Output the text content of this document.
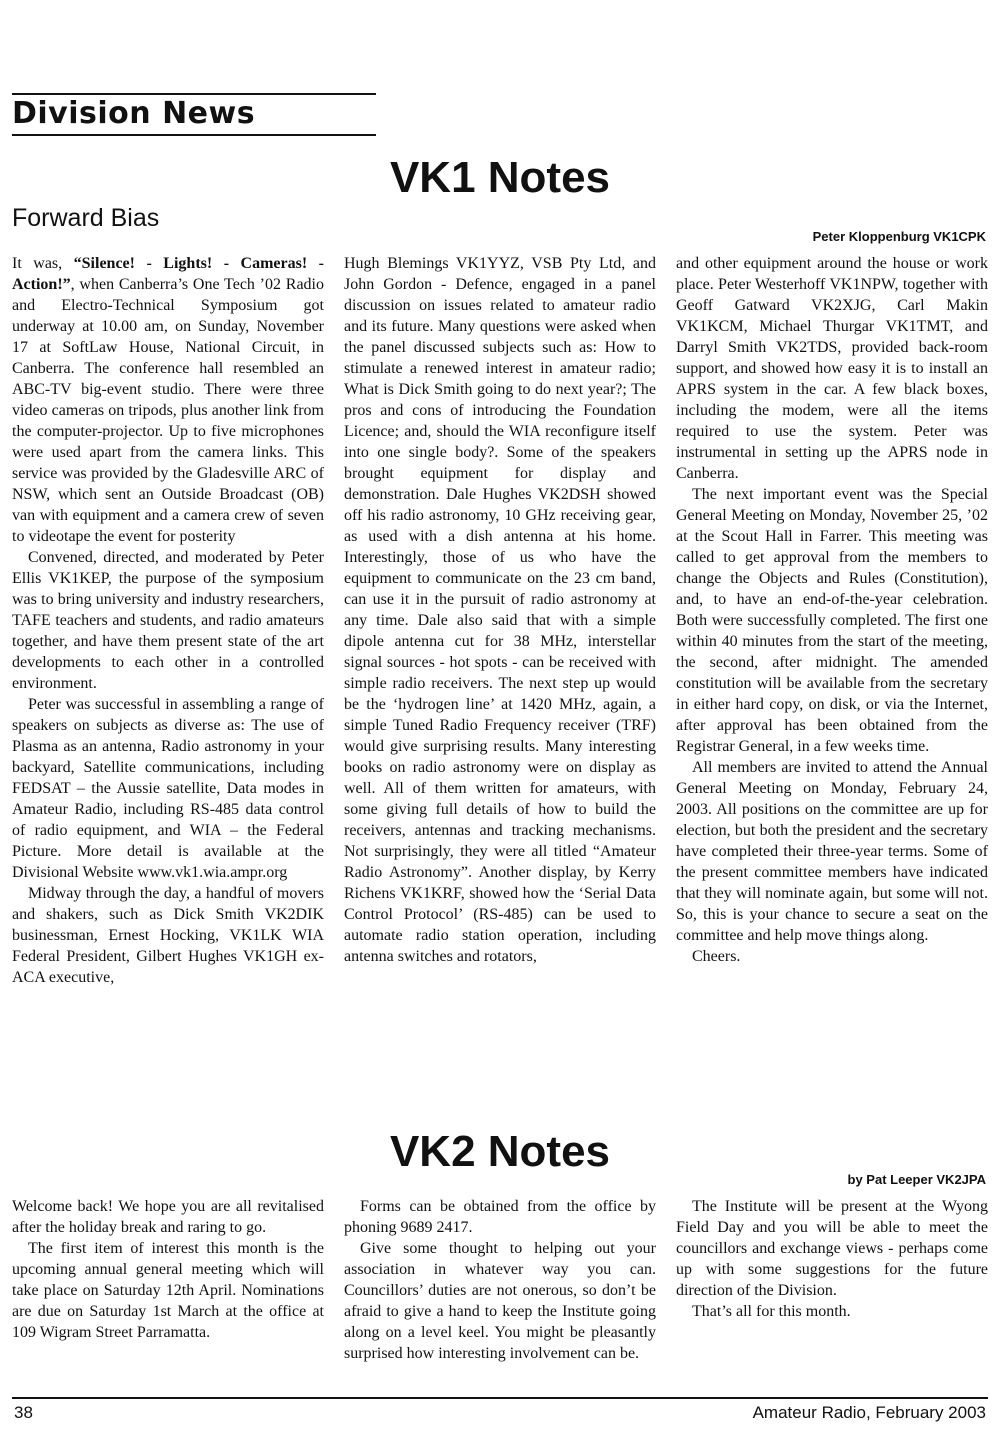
Division News
VK1 Notes
Forward Bias
Peter Kloppenburg VK1CPK

It was, “Silence! - Lights! - Cameras! - Action!”, when Canberra’s One Tech ’02 Radio and Electro-Technical Symposium got underway at 10.00 am, on Sunday, November 17 at SoftLaw House, National Circuit, in Canberra. The conference hall resembled an ABC-TV big-event studio. There were three video cameras on tripods, plus another link from the computer-projector. Up to five microphones were used apart from the camera links. This service was provided by the Gladesville ARC of NSW, which sent an Outside Broadcast (OB) van with equipment and a camera crew of seven to videotape the event for posterity

Convened, directed, and moderated by Peter Ellis VK1KEP, the purpose of the symposium was to bring university and industry researchers, TAFE teachers and students, and radio amateurs together, and have them present state of the art developments to each other in a controlled environment.

Peter was successful in assembling a range of speakers on subjects as diverse as: The use of Plasma as an antenna, Radio astronomy in your backyard, Satellite communications, including FEDSAT – the Aussie satellite, Data modes in Amateur Radio, including RS-485 data control of radio equipment, and WIA – the Federal Picture. More detail is available at the Divisional Website www.vk1.wia.ampr.org

Midway through the day, a handful of movers and shakers, such as Dick Smith VK2DIK businessman, Ernest Hocking, VK1LK WIA Federal President, Gilbert Hughes VK1GH ex-ACA executive,

Hugh Blemings VK1YYZ, VSB Pty Ltd, and John Gordon - Defence, engaged in a panel discussion on issues related to amateur radio and its future. Many questions were asked when the panel discussed subjects such as: How to stimulate a renewed interest in amateur radio; What is Dick Smith going to do next year?; The pros and cons of introducing the Foundation Licence; and, should the WIA reconfigure itself into one single body?. Some of the speakers brought equipment for display and demonstration. Dale Hughes VK2DSH showed off his radio astronomy, 10 GHz receiving gear, as used with a dish antenna at his home. Interestingly, those of us who have the equipment to communicate on the 23 cm band, can use it in the pursuit of radio astronomy at any time. Dale also said that with a simple dipole antenna cut for 38 MHz, interstellar signal sources - hot spots - can be received with simple radio receivers. The next step up would be the ‘hydrogen line’ at 1420 MHz, again, a simple Tuned Radio Frequency receiver (TRF) would give surprising results. Many interesting books on radio astronomy were on display as well. All of them written for amateurs, with some giving full details of how to build the receivers, antennas and tracking mechanisms. Not surprisingly, they were all titled “Amateur Radio Astronomy”. Another display, by Kerry Richens VK1KRF, showed how the ‘Serial Data Control Protocol’ (RS-485) can be used to automate radio station operation, including antenna switches and rotators,

and other equipment around the house or work place. Peter Westerhoff VK1NPW, together with Geoff Gatward VK2XJG, Carl Makin VK1KCM, Michael Thurgar VK1TMT, and Darryl Smith VK2TDS, provided back-room support, and showed how easy it is to install an APRS system in the car. A few black boxes, including the modem, were all the items required to use the system. Peter was instrumental in setting up the APRS node in Canberra.

The next important event was the Special General Meeting on Monday, November 25, ’02 at the Scout Hall in Farrer. This meeting was called to get approval from the members to change the Objects and Rules (Constitution), and, to have an end-of-the-year celebration. Both were successfully completed. The first one within 40 minutes from the start of the meeting, the second, after midnight. The amended constitution will be available from the secretary in either hard copy, on disk, or via the Internet, after approval has been obtained from the Registrar General, in a few weeks time.

All members are invited to attend the Annual General Meeting on Monday, February 24, 2003. All positions on the committee are up for election, but both the president and the secretary have completed their three-year terms. Some of the present committee members have indicated that they will nominate again, but some will not. So, this is your chance to secure a seat on the committee and help move things along.

Cheers.

VK2 Notes
by Pat Leeper VK2JPA

Welcome back! We hope you are all revitalised after the holiday break and raring to go.

The first item of interest this month is the upcoming annual general meeting which will take place on Saturday 12th April. Nominations are due on Saturday 1st March at the office at 109 Wigram Street Parramatta.

Forms can be obtained from the office by phoning 9689 2417.

Give some thought to helping out your association in whatever way you can. Councillors’ duties are not onerous, so don’t be afraid to give a hand to keep the Institute going along on a level keel. You might be pleasantly surprised how interesting involvement can be.

The Institute will be present at the Wyong Field Day and you will be able to meet the councillors and exchange views - perhaps come up with some suggestions for the future direction of the Division.

That’s all for this month.

38	Amateur Radio, February 2003
